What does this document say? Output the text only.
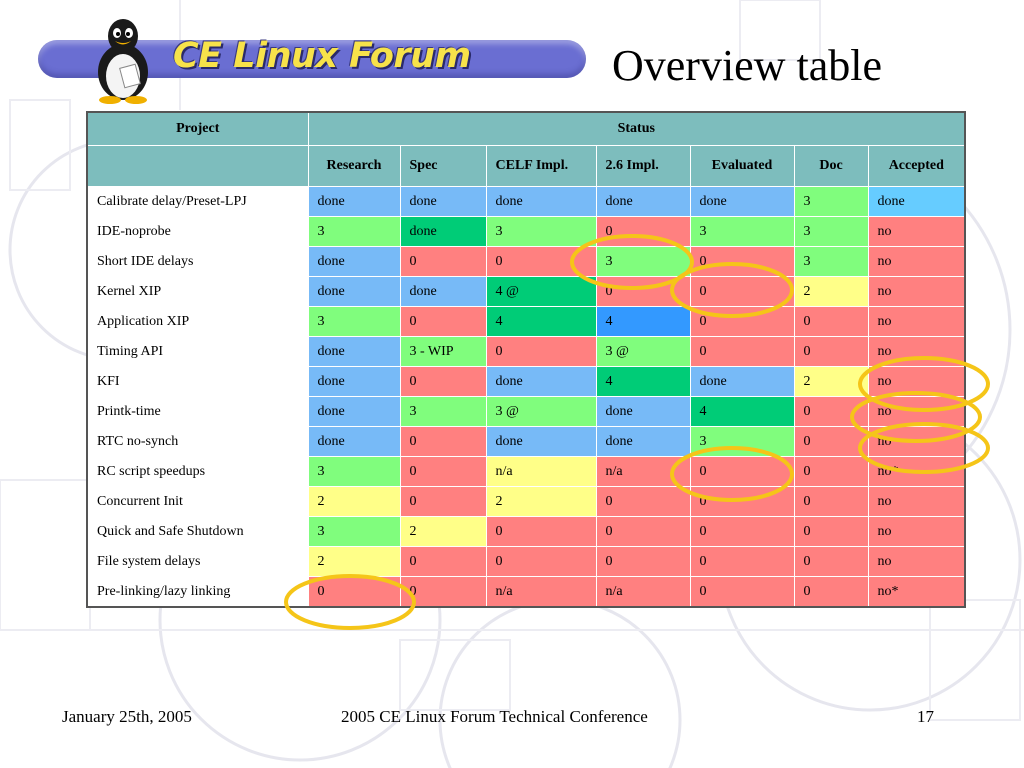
CE Linux Forum	Overview table
Project	Status						
	Research	Spec	CELF Impl.	2.6 Impl.	Evaluated	Doc	Accepted
Calibrate delay/Preset-LPJ	done	done	done	done	done	3	done
IDE-noprobe	3	done	3	0	3	3	no
Short IDE delays	done	0	0	3	0	3	no
Kernel XIP	done	done	4 @	0	0	2	no
Application XIP	3	0	4	4	0	0	no
Timing API	done	3 - WIP	0	3 @	0	0	no
KFI	done	0	done	4	done	2	no
Printk-time	done	3	3 @	done	4	0	no
RTC no-synch	done	0	done	done	3	0	no
RC script speedups	3	0	n/a	n/a	0	0	no*
Concurrent Init	2	0	2	0	0	0	no
Quick and Safe Shutdown	3	2	0	0	0	0	no
File system delays	2	0	0	0	0	0	no
Pre-linking/lazy linking	0	0	n/a	n/a	0	0	no*
January 25th, 2005	2005 CE Linux Forum Technical Conference	17
